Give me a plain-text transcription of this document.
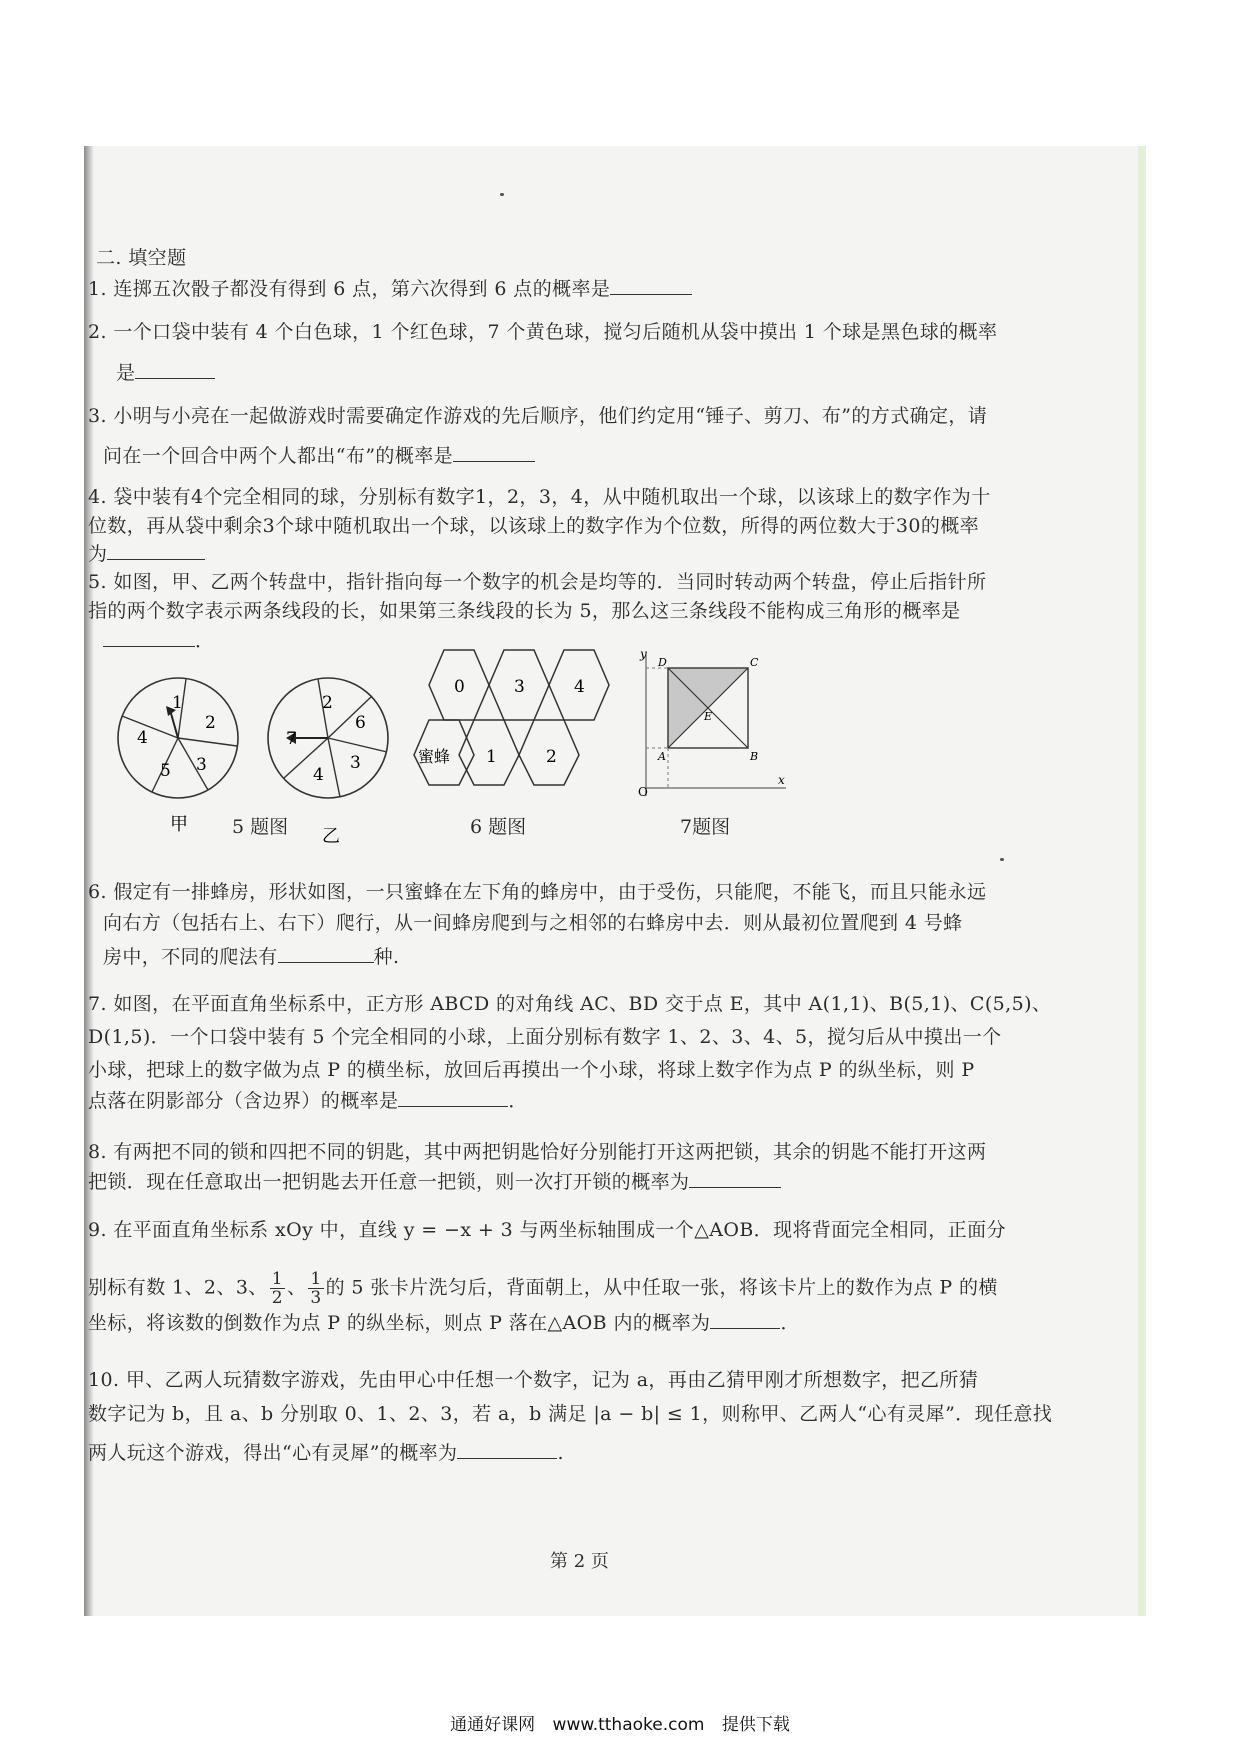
二. 填空题
1. 连掷五次骰子都没有得到 6 点，第六次得到 6 点的概率是
2. 一个口袋中装有 4 个白色球，1 个红色球，7 个黄色球，搅匀后随机从袋中摸出 1 个球是黑色球的概率
是
3. 小明与小亮在一起做游戏时需要确定作游戏的先后顺序，他们约定用“锤子、剪刀、布”的方式确定，请
问在一个回合中两个人都出“布”的概率是
4. 袋中装有4个完全相同的球，分别标有数字1，2，3，4，从中随机取出一个球，以该球上的数字作为十
位数，再从袋中剩余3个球中随机取出一个球，以该球上的数字作为个位数，所得的两位数大于30的概率
为
5. 如图，甲、乙两个转盘中，指针指向每一个数字的机会是均等的．当同时转动两个转盘，停止后指针所
指的两个数字表示两条线段的长，如果第三条线段的长为 5，那么这三条线段不能构成三角形的概率是
．
1
2
3
5
4
甲
2
6
3
4
7
乙
5 题图
0	3	4
蜜蜂 1	2
6 题图
y
x
O
D	C
E
A	B
7题图
6. 假定有一排蜂房，形状如图，一只蜜蜂在左下角的蜂房中，由于受伤，只能爬，不能飞，而且只能永远
向右方（包括右上、右下）爬行，从一间蜂房爬到与之相邻的右蜂房中去．则从最初位置爬到 4 号蜂
房中，不同的爬法有	种.
7. 如图，在平面直角坐标系中，正方形 ABCD 的对角线 AC、BD 交于点 E，其中 A(1,1)、B(5,1)、C(5,5)、
D(1,5)．一个口袋中装有 5 个完全相同的小球，上面分别标有数字 1、2、3、4、5，搅匀后从中摸出一个
小球，把球上的数字做为点 P 的横坐标，放回后再摸出一个小球，将球上数字作为点 P 的纵坐标，则 P
点落在阴影部分（含边界）的概率是	．
8. 有两把不同的锁和四把不同的钥匙，其中两把钥匙恰好分别能打开这两把锁，其余的钥匙不能打开这两
把锁．现在任意取出一把钥匙去开任意一把锁，则一次打开锁的概率为
9. 在平面直角坐标系 xOy 中，直线 y = −x + 3 与两坐标轴围成一个△AOB．现将背面完全相同，正面分
别标有数 1、2、3、 $\frac{1}{2}$ 、 $\frac{1}{3}$ 的 5 张卡片洗匀后，背面朝上，从中任取一张，将该卡片上的数作为点 P 的横
坐标，将该数的倒数作为点 P 的纵坐标，则点 P 落在△AOB 内的概率为	．
10. 甲、乙两人玩猜数字游戏，先由甲心中任想一个数字，记为 a，再由乙猜甲刚才所想数字，把乙所猜
数字记为 b，且 a、b 分别取 0、1、2、3，若 a，b 满足 |a − b| ≤ 1，则称甲、乙两人“心有灵犀”．现任意找
两人玩这个游戏，得出“心有灵犀”的概率为	.
第 2 页
通通好课网 www.tthaoke.com 提供下载
